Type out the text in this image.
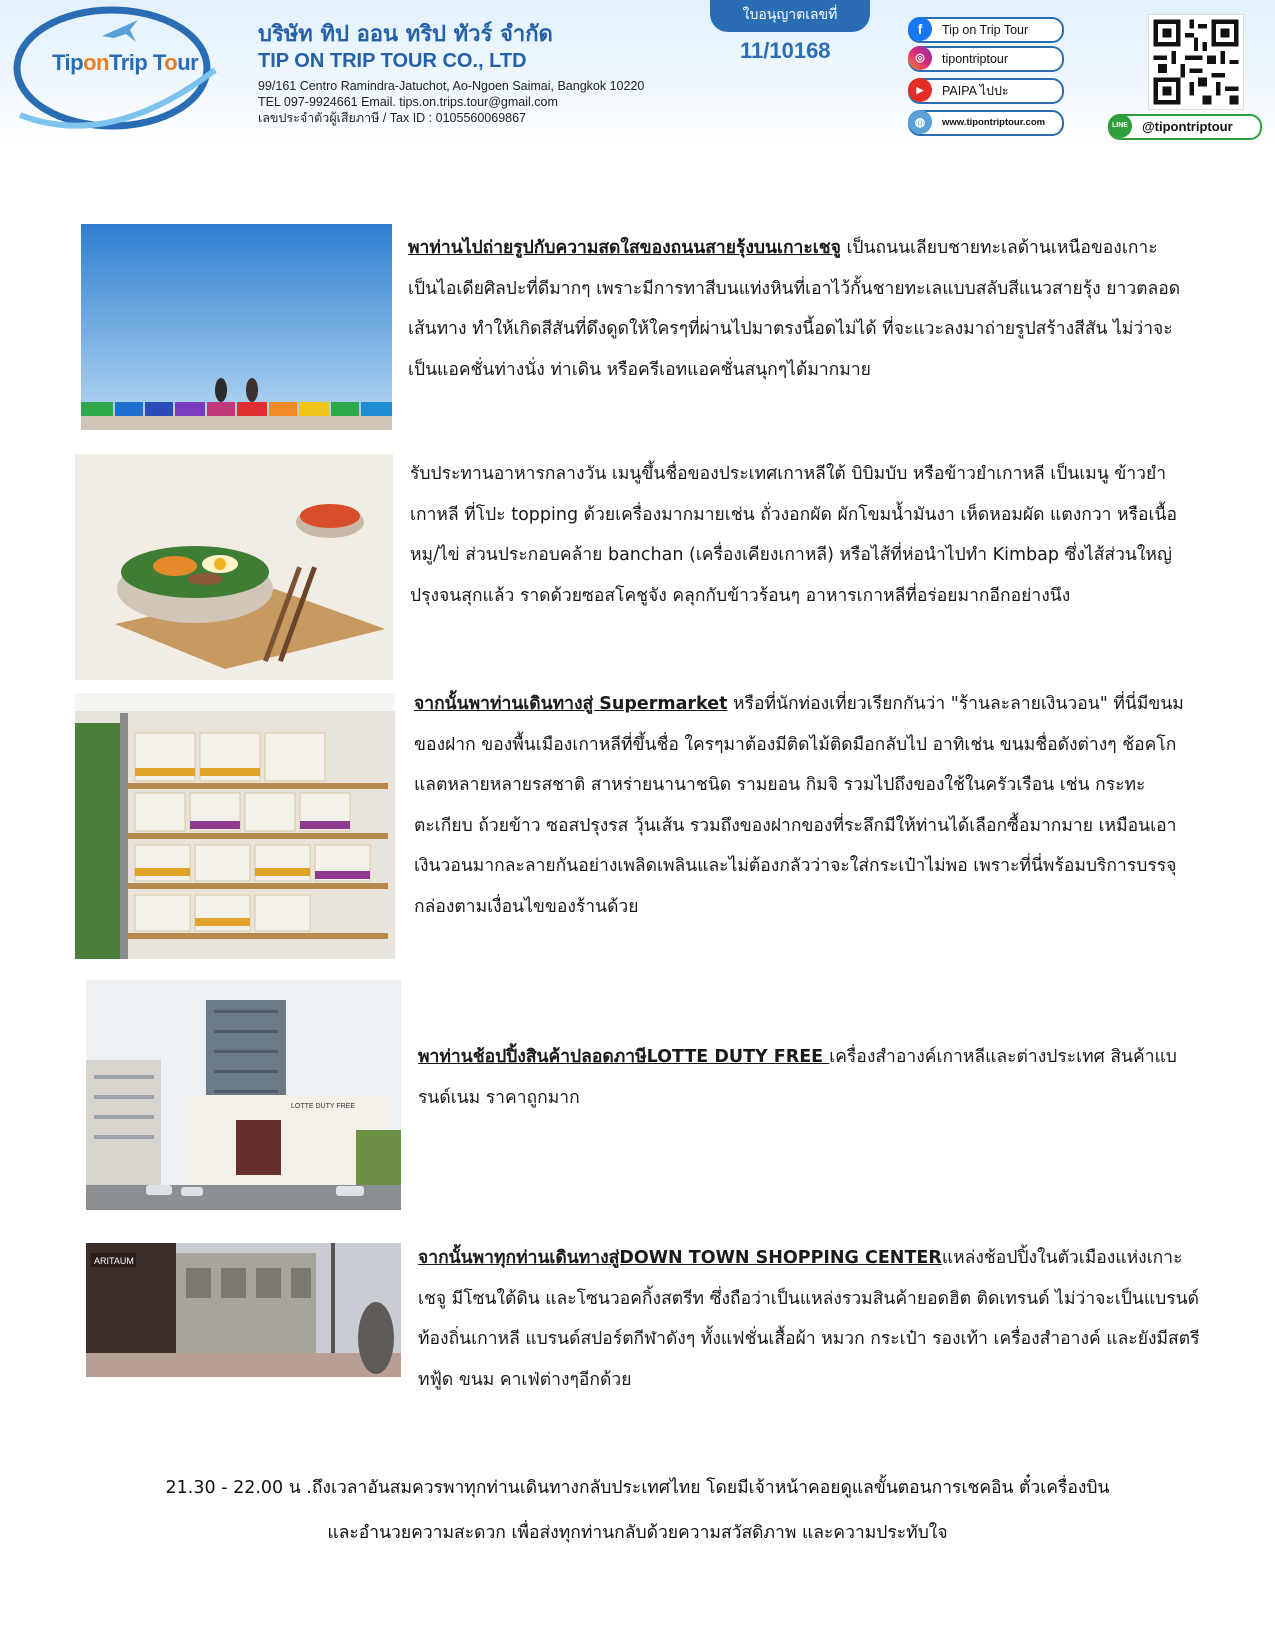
TiponTrip Tour
บริษัท ทิป ออน ทริป ทัวร์ จำกัด
TIP ON TRIP TOUR CO., LTD
99/161 Centro Ramindra-Jatuchot, Ao-Ngoen Saimai, Bangkok 10220
TEL 097-9924661 Email. tips.on.trips.tour@gmail.com
เลขประจำตัวผู้เสียภาษี / Tax ID : 0105560069867
ใบอนุญาตเลขที่
11/10168
f	Tip on Trip Tour
◎	tipontriptour
▶	PAIPA ไปปะ
◍	www.tipontriptour.com	LINE	@tipontriptour
พาท่านไปถ่ายรูปกับความสดใสของถนนสายรุ้งบนเกาะเชจู เป็นถนนเลียบชายทะเลด้านเหนือของเกาะ เป็นไอเดียศิลปะที่ดีมากๆ เพราะมีการทาสีบนแท่งหินที่เอาไว้กั้นชายทะเลแบบสลับสีแนวสายรุ้ง ยาวตลอดเส้นทาง ทำให้เกิดสีสันที่ดึงดูดให้ใครๆที่ผ่านไปมาตรงนี้อดไม่ได้ ที่จะแวะลงมาถ่ายรูปสร้างสีสัน ไม่ว่าจะเป็นแอคชั่นท่างนั่ง ท่าเดิน หรือครีเอทแอคชั่นสนุกๆได้มากมาย
รับประทานอาหารกลางวัน เมนูขึ้นชื่อของประเทศเกาหลีใต้ บิบิมบับ หรือข้าวยำเกาหลี เป็นเมนู ข้าวยำเกาหลี ที่โปะ topping ด้วยเครื่องมากมายเช่น ถั่วงอกผัด ผักโขมน้ำมันงา เห็ดหอมผัด แตงกวา หรือเนื้อหมู/ไข่ ส่วนประกอบคล้าย banchan (เครื่องเคียงเกาหลี) หรือไส้ที่ห่อนำไปทำ Kimbap ซึ่งไส้ส่วนใหญ่ปรุงจนสุกแล้ว ราดด้วยซอสโคชูจัง คลุกกับข้าวร้อนๆ อาหารเกาหลีที่อร่อยมากอีกอย่างนึง
จากนั้นพาท่านเดินทางสู่ Supermarket หรือที่นักท่องเที่ยวเรียกกันว่า "ร้านละลายเงินวอน" ที่นี่มีขนม ของฝาก ของพื้นเมืองเกาหลีที่ขึ้นชื่อ ใครๆมาต้องมีติดไม้ติดมือกลับไป อาทิเช่น ขนมชื่อดังต่างๆ ช้อคโกแลตหลายหลายรสชาติ สาหร่ายนานาชนิด รามยอน กิมจิ รวมไปถึงของใช้ในครัวเรือน เช่น กระทะ ตะเกียบ ถ้วยข้าว ซอสปรุงรส วุ้นเส้น รวมถึงของฝากของที่ระลึกมีให้ท่านได้เลือกซื้อมากมาย เหมือนเอาเงินวอนมากละลายกันอย่างเพลิดเพลินและไม่ต้องกลัวว่าจะใส่กระเป๋าไม่พอ เพราะที่นี่พร้อมบริการบรรจุกล่องตามเงื่อนไขของร้านด้วย
LOTTE DUTY FREE
พาท่านช้อปปิ้งสินค้าปลอดภาษีLOTTE DUTY FREE เครื่องสำอางค์เกาหลีและต่างประเทศ สินค้าแบรนด์เนม ราคาถูกมาก
ARITAUM	จากนั้นพาทุกท่านเดินทางสู่DOWN TOWN SHOPPING CENTERแหล่งช้อปปิ้งในตัวเมืองแห่งเกาะเชจู มีโซนใต้ดิน และโซนวอคกิ้งสตรีท ซึ่งถือว่าเป็นแหล่งรวมสินค้ายอดฮิต ติดเทรนด์ ไม่ว่าจะเป็นแบรนด์ท้องถิ่นเกาหลี แบรนด์สปอร์ตกีฬาดังๆ ทั้งแฟชั่นเสื้อผ้า หมวก กระเป๋า รองเท้า เครื่องสำอางค์ และยังมีสตรีทฟู้ด ขนม คาเฟ่ต่างๆอีกด้วย
21.30 - 22.00 น .ถึงเวลาอันสมควรพาทุกท่านเดินทางกลับประเทศไทย โดยมีเจ้าหน้าคอยดูแลขั้นตอนการเชคอิน ตั๋วเครื่องบิน และอำนวยความสะดวก เพื่อส่งทุกท่านกลับด้วยความสวัสดิภาพ และความประทับใจ
